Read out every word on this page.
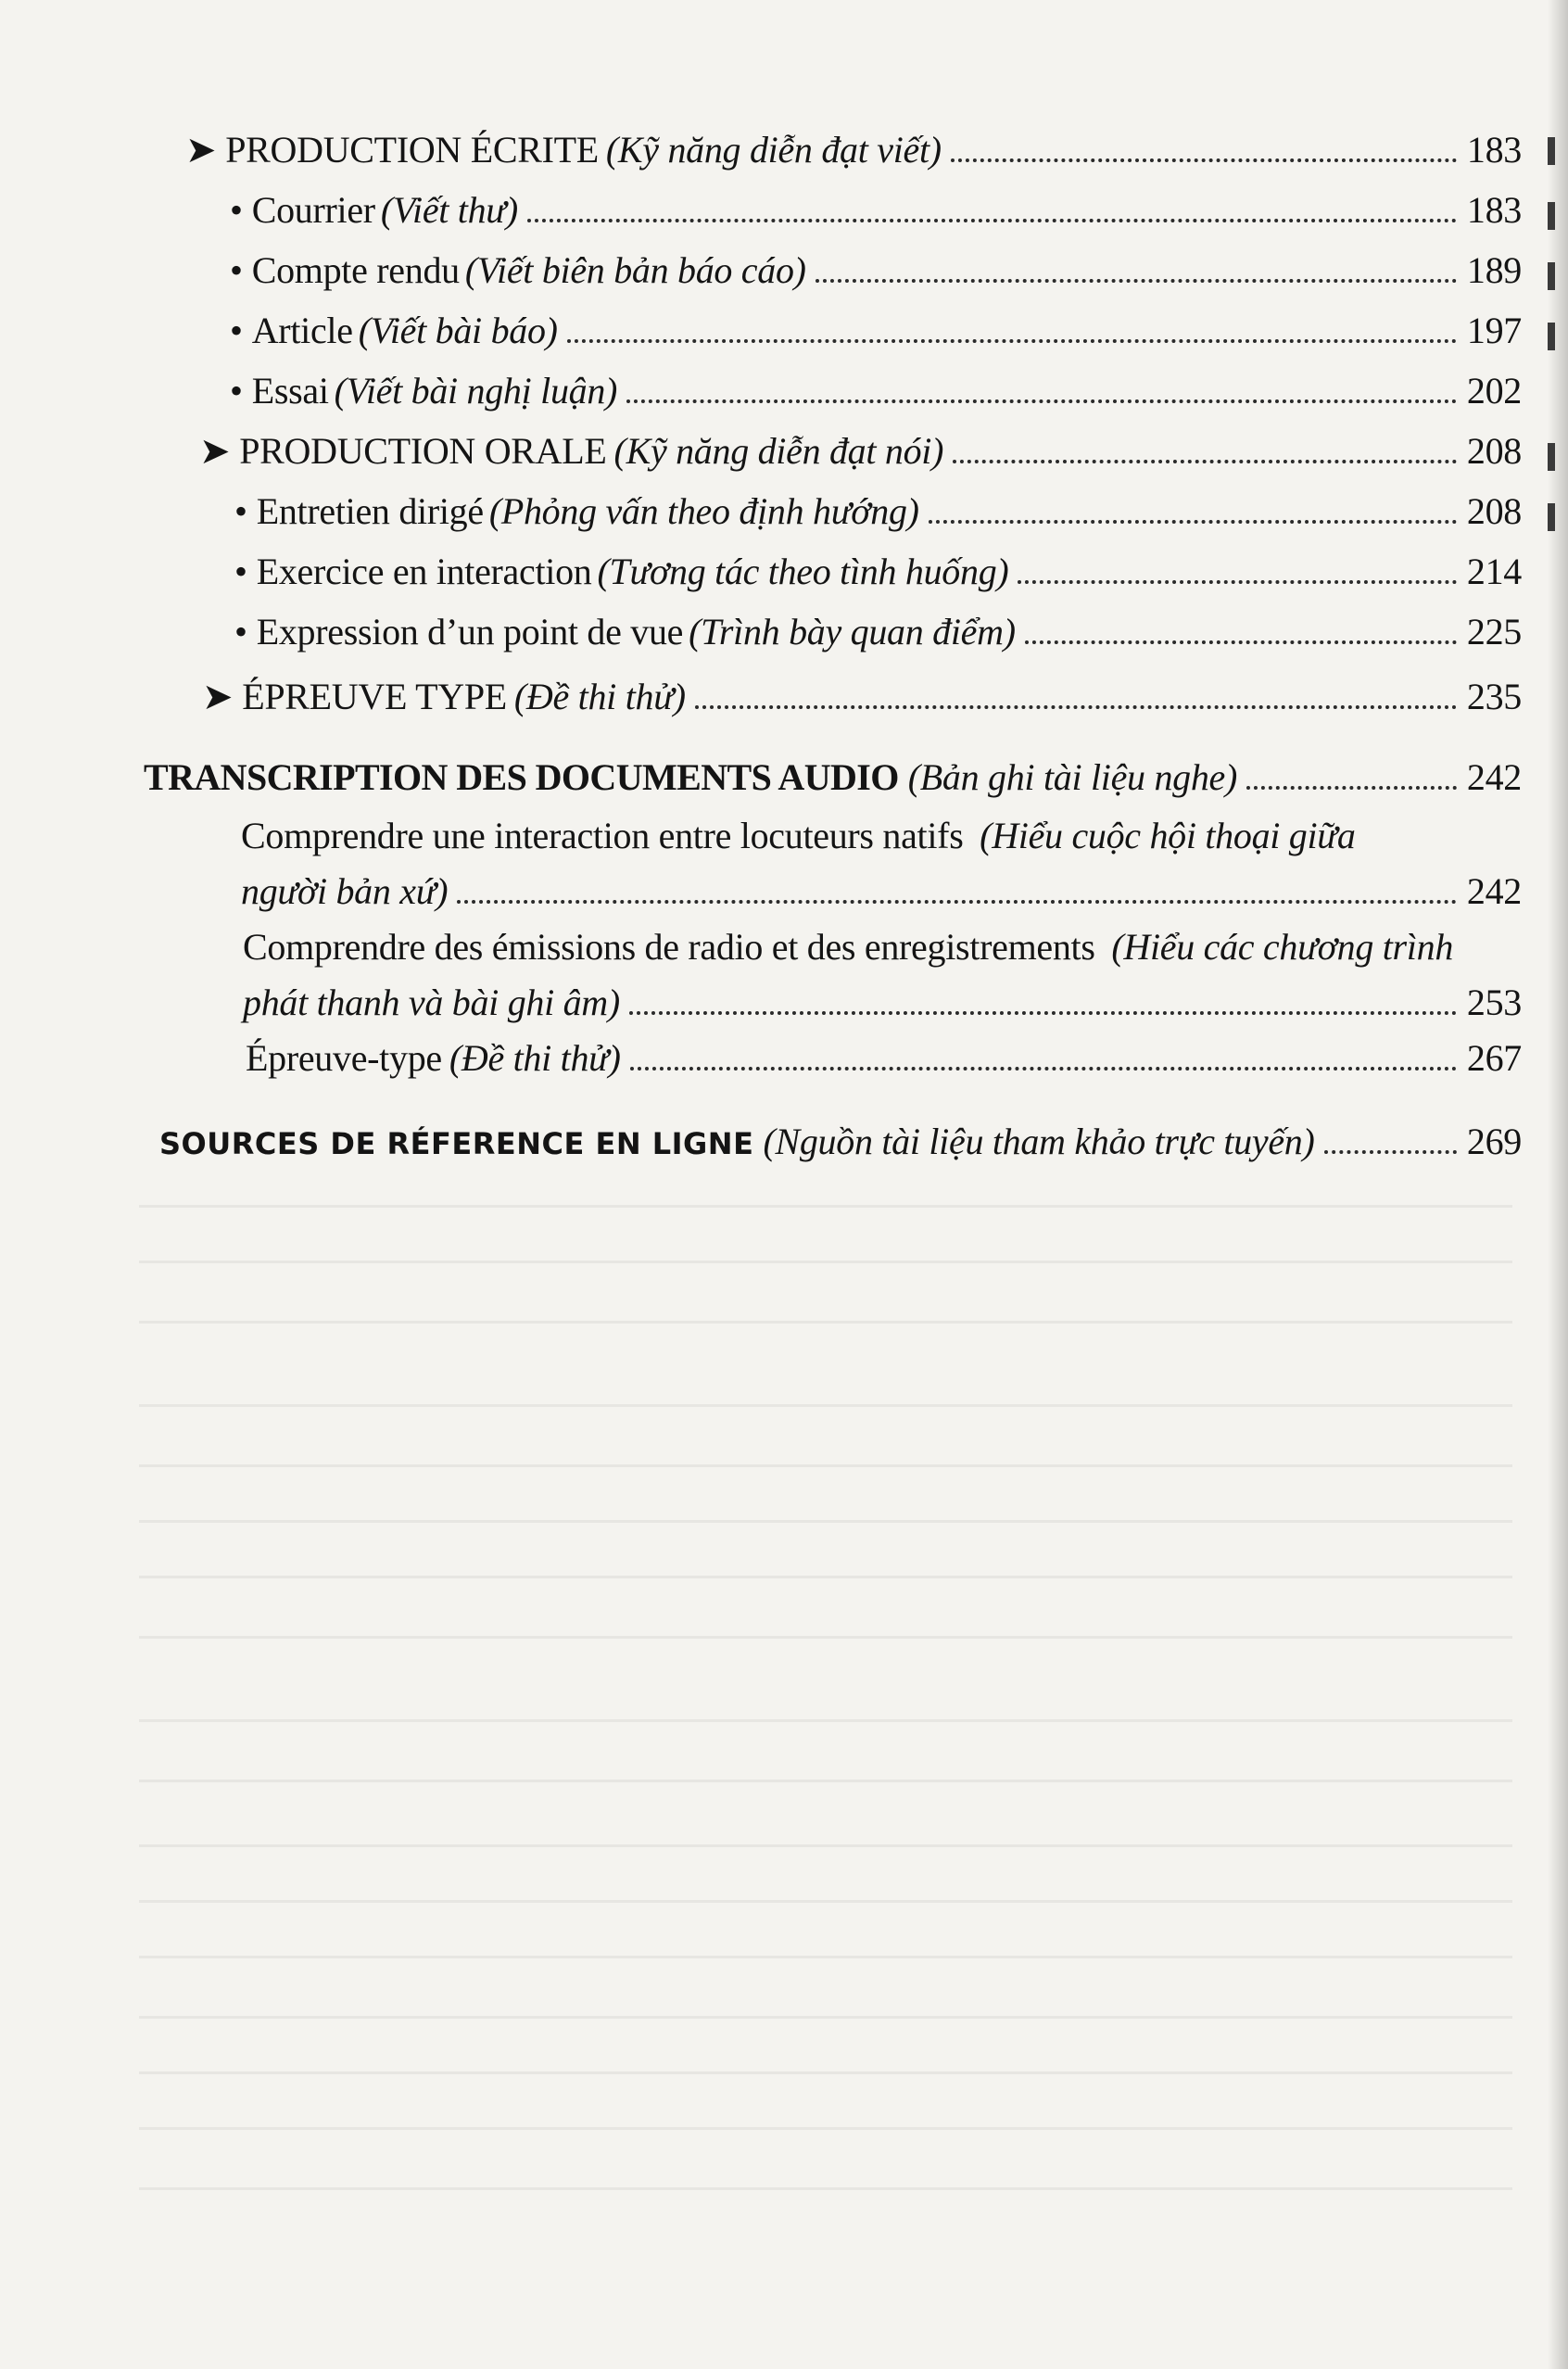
➤ PRODUCTION ÉCRITE (Kỹ năng diễn đạt viết)	183
• Courrier (Viết thư)	183
• Compte rendu (Viết biên bản báo cáo)	189
• Article (Viết bài báo)	197
• Essai (Viết bài nghị luận)	202
➤ PRODUCTION ORALE (Kỹ năng diễn đạt nói)	208
• Entretien dirigé (Phỏng vấn theo định hướng)	208
• Exercice en interaction (Tương tác theo tình huống)	214
• Expression d’un point de vue (Trình bày quan điểm)	225
➤ ÉPREUVE TYPE (Đề thi thử)	235
TRANSCRIPTION DES DOCUMENTS AUDIO (Bản ghi tài liệu nghe)	242
Comprendre une interaction entre locuteurs natifs (Hiểu cuộc hội thoại giữa
người bản xứ)	242
Comprendre des émissions de radio et des enregistrements (Hiểu các chương trình
phát thanh và bài ghi âm)	253
Épreuve-type (Đề thi thử)	267
SOURCES DE RÉFERENCE EN LIGNE (Nguồn tài liệu tham khảo trực tuyến)	269
